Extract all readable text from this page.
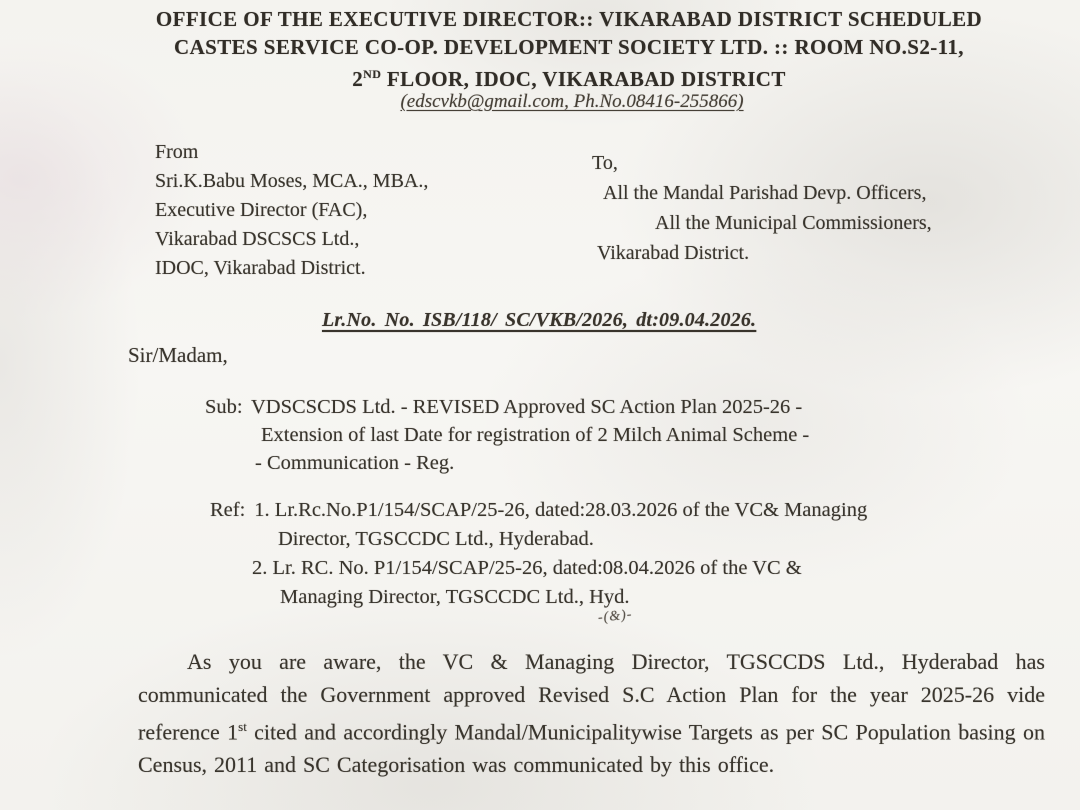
OFFICE OF THE EXECUTIVE DIRECTOR:: VIKARABAD DISTRICT SCHEDULED
CASTES SERVICE CO-OP. DEVELOPMENT SOCIETY LTD. :: ROOM NO.S2-11,
2ND FLOOR, IDOC, VIKARABAD DISTRICT
(edscvkb@gmail.com, Ph.No.08416-255866)
From
Sri.K.Babu Moses, MCA., MBA.,
Executive Director (FAC),
Vikarabad DSCSCS Ltd.,
IDOC, Vikarabad District.
To,
All the Mandal Parishad Devp. Officers,
All the Municipal Commissioners,
Vikarabad District.
Lr.No. No. ISB/118/ SC/VKB/2026, dt:09.04.2026.
Sir/Madam,
Sub: VDSCSCDS Ltd. - REVISED Approved SC Action Plan 2025-26 -
Extension of last Date for registration of 2 Milch Animal Scheme -
- Communication - Reg.
Ref: 1. Lr.Rc.No.P1/154/SCAP/25-26, dated:28.03.2026 of the VC& Managing
Director, TGSCCDC Ltd., Hyderabad.
2. Lr. RC. No. P1/154/SCAP/25-26, dated:08.04.2026 of the VC &
Managing Director, TGSCCDC Ltd., Hyd.
-(&)-

As you are aware, the VC & Managing Director, TGSCCDS Ltd., Hyderabad has communicated the Government approved Revised S.C Action Plan for the year 2025-26 vide reference 1st cited and accordingly Mandal/Municipalitywise Targets as per SC Population basing on Census, 2011 and SC Categorisation was communicated by this office.
